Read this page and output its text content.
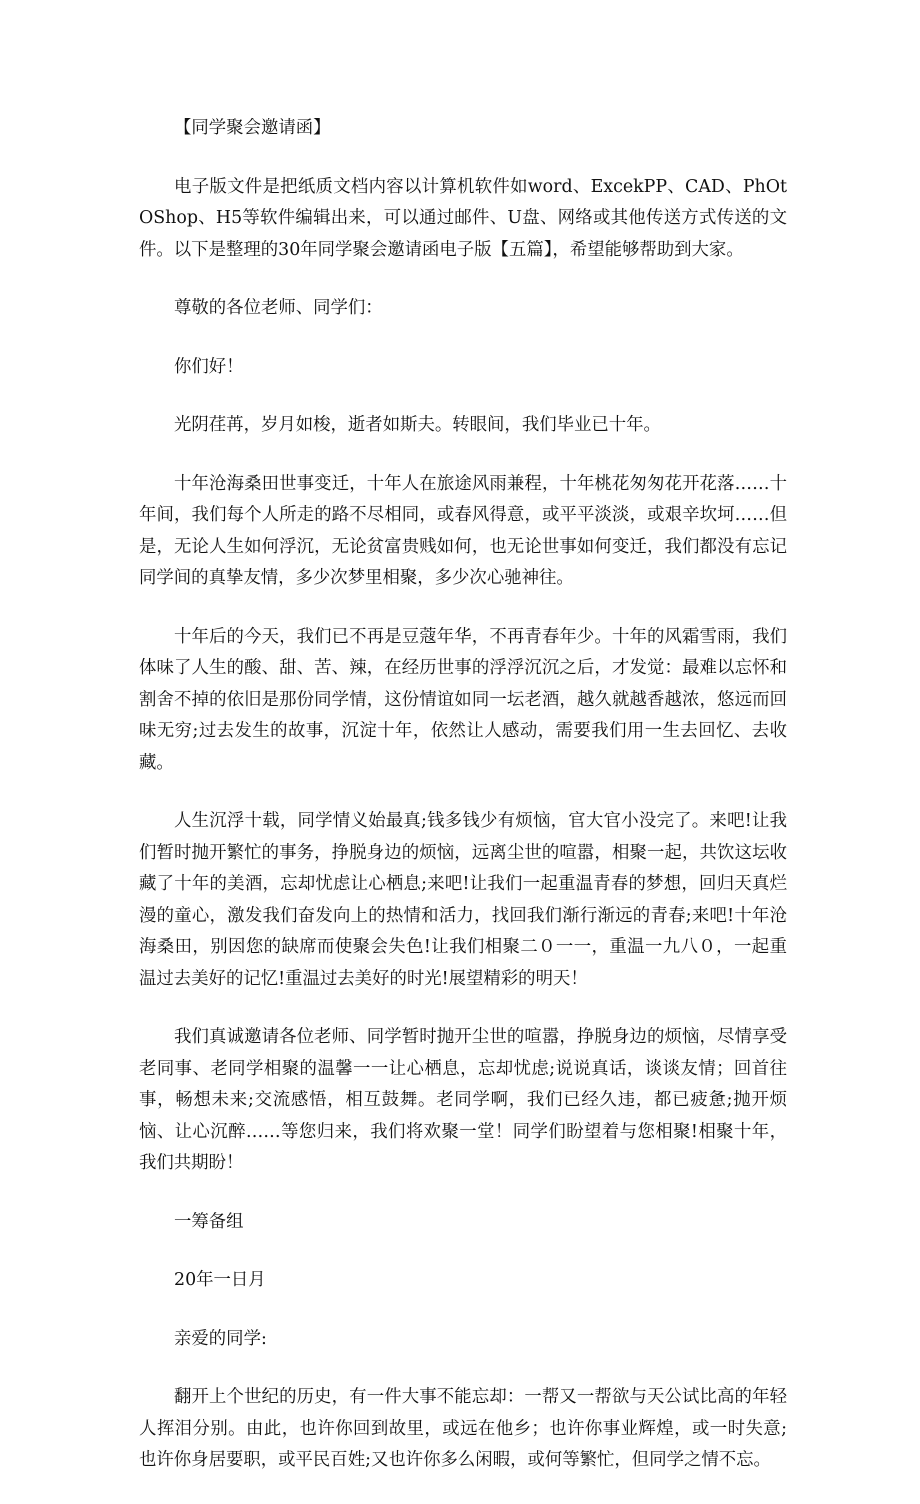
【同学聚会邀请函】

电子版文件是把纸质文档内容以计算机软件如word、ExcekPP、CAD、PhOtOShop、H5等软件编辑出来，可以通过邮件、U盘、网络或其他传送方式传送的文件。以下是整理的30年同学聚会邀请函电子版【五篇】，希望能够帮助到大家。

尊敬的各位老师、同学们：

你们好！

光阴荏苒，岁月如梭，逝者如斯夫。转眼间，我们毕业已十年。

十年沧海桑田世事变迁，十年人在旅途风雨兼程，十年桃花匆匆花开花落……十年间，我们每个人所走的路不尽相同，或春风得意，或平平淡淡，或艰辛坎坷……但是，无论人生如何浮沉，无论贫富贵贱如何，也无论世事如何变迁，我们都没有忘记同学间的真挚友情，多少次梦里相聚，多少次心驰神往。

十年后的今天，我们已不再是豆蔻年华，不再青春年少。十年的风霜雪雨，我们体味了人生的酸、甜、苦、辣，在经历世事的浮浮沉沉之后，才发觉：最难以忘怀和割舍不掉的依旧是那份同学情，这份情谊如同一坛老酒，越久就越香越浓，悠远而回味无穷;过去发生的故事，沉淀十年，依然让人感动，需要我们用一生去回忆、去收藏。

人生沉浮十载，同学情义始最真;钱多钱少有烦恼，官大官小没完了。来吧!让我们暂时抛开繁忙的事务，挣脱身边的烦恼，远离尘世的喧嚣，相聚一起，共饮这坛收藏了十年的美酒，忘却忧虑让心栖息;来吧!让我们一起重温青春的梦想，回归天真烂漫的童心，激发我们奋发向上的热情和活力，找回我们渐行渐远的青春;来吧!十年沧海桑田，别因您的缺席而使聚会失色!让我们相聚二０一一，重温一九八０，一起重温过去美好的记忆!重温过去美好的时光!展望精彩的明天！

我们真诚邀请各位老师、同学暂时抛开尘世的喧嚣，挣脱身边的烦恼，尽情享受老同事、老同学相聚的温馨一一让心栖息，忘却忧虑;说说真话，谈谈友情；回首往事，畅想未来;交流感悟，相互鼓舞。老同学啊，我们已经久违，都已疲惫;抛开烦恼、让心沉醉……等您归来，我们将欢聚一堂！同学们盼望着与您相聚!相聚十年，我们共期盼！

一筹备组

20年一日月

亲爱的同学:

翻开上个世纪的历史，有一件大事不能忘却：一帮又一帮欲与天公试比高的年轻人挥泪分别。由此，也许你回到故里，或远在他乡；也许你事业辉煌，或一时失意;也许你身居要职，或平民百姓;又也许你多么闲暇，或何等繁忙，但同学之情不忘。
